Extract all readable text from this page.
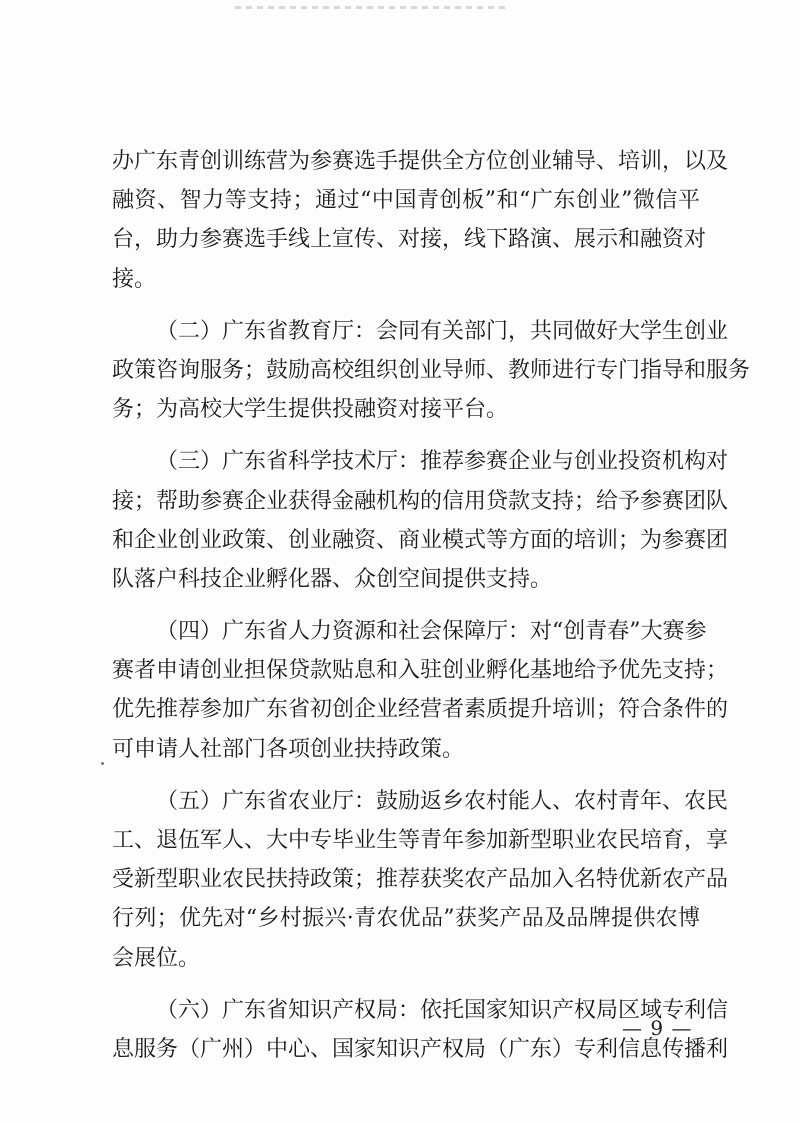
办广东青创训练营为参赛选手提供全方位创业辅导、培训，以及
融资、智力等支持；通过“中国青创板”和“广东创业”微信平
台，助力参赛选手线上宣传、对接，线下路演、展示和融资对
接。
（二）广东省教育厅：会同有关部门，共同做好大学生创业
政策咨询服务；鼓励高校组织创业导师、教师进行专门指导和服务
务；为高校大学生提供投融资对接平台。
（三）广东省科学技术厅：推荐参赛企业与创业投资机构对
接；帮助参赛企业获得金融机构的信用贷款支持；给予参赛团队
和企业创业政策、创业融资、商业模式等方面的培训；为参赛团
队落户科技企业孵化器、众创空间提供支持。
（四）广东省人力资源和社会保障厅：对“创青春”大赛参
赛者申请创业担保贷款贴息和入驻创业孵化基地给予优先支持；
优先推荐参加广东省初创企业经营者素质提升培训；符合条件的
可申请人社部门各项创业扶持政策。
（五）广东省农业厅：鼓励返乡农村能人、农村青年、农民
工、退伍军人、大中专毕业生等青年参加新型职业农民培育，享
受新型职业农民扶持政策；推荐获奖农产品加入名特优新农产品
行列；优先对“乡村振兴·青农优品”获奖产品及品牌提供农博
会展位。
（六）广东省知识产权局：依托国家知识产权局区域专利信
息服务（广州）中心、国家知识产权局（广东）专利信息传播利
— 9 —
